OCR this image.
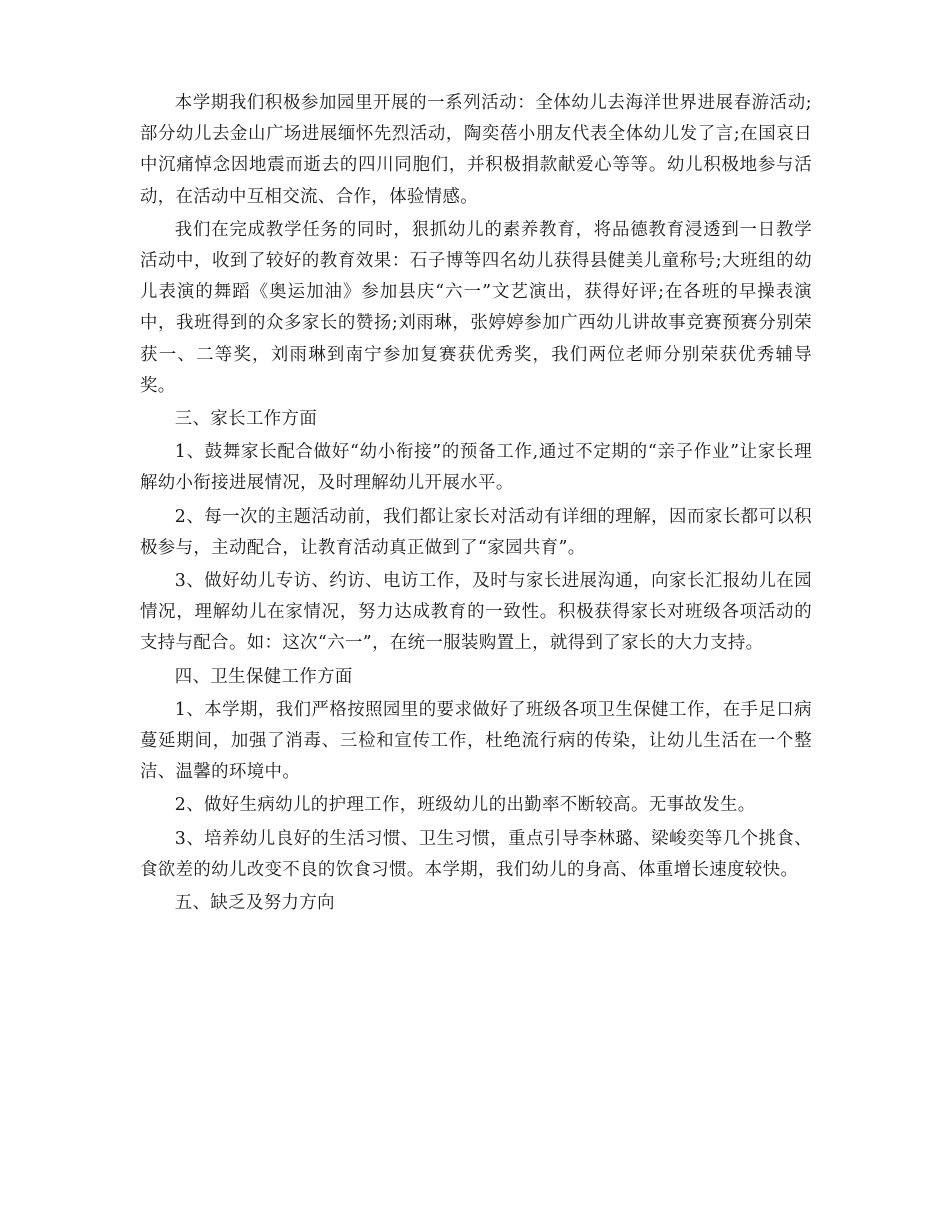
本学期我们积极参加园里开展的一系列活动：全体幼儿去海洋世界进展春游活动;部分幼儿去金山广场进展缅怀先烈活动，陶奕蓓小朋友代表全体幼儿发了言;在国哀日中沉痛悼念因地震而逝去的四川同胞们，并积极捐款献爱心等等。幼儿积极地参与活动，在活动中互相交流、合作，体验情感。

我们在完成教学任务的同时，狠抓幼儿的素养教育，将品德教育浸透到一日教学活动中，收到了较好的教育效果：石子博等四名幼儿获得县健美儿童称号;大班组的幼儿表演的舞蹈《奥运加油》参加县庆“六一”文艺演出，获得好评;在各班的早操表演中，我班得到的众多家长的赞扬;刘雨琳，张婷婷参加广西幼儿讲故事竞赛预赛分别荣获一、二等奖，刘雨琳到南宁参加复赛获优秀奖，我们两位老师分别荣获优秀辅导奖。

三、家长工作方面

1、鼓舞家长配合做好“幼小衔接”的预备工作,通过不定期的“亲子作业”让家长理解幼小衔接进展情况，及时理解幼儿开展水平。

2、每一次的主题活动前，我们都让家长对活动有详细的理解，因而家长都可以积极参与，主动配合，让教育活动真正做到了“家园共育”。

3、做好幼儿专访、约访、电访工作，及时与家长进展沟通，向家长汇报幼儿在园情况，理解幼儿在家情况，努力达成教育的一致性。积极获得家长对班级各项活动的支持与配合。如：这次“六一”，在统一服装购置上，就得到了家长的大力支持。

四、卫生保健工作方面

1、本学期，我们严格按照园里的要求做好了班级各项卫生保健工作，在手足口病蔓延期间，加强了消毒、三检和宣传工作，杜绝流行病的传染，让幼儿生活在一个整洁、温馨的环境中。

2、做好生病幼儿的护理工作，班级幼儿的出勤率不断较高。无事故发生。

3、培养幼儿良好的生活习惯、卫生习惯，重点引导李林璐、梁峻奕等几个挑食、食欲差的幼儿改变不良的饮食习惯。本学期，我们幼儿的身高、体重增长速度较快。

五、缺乏及努力方向
